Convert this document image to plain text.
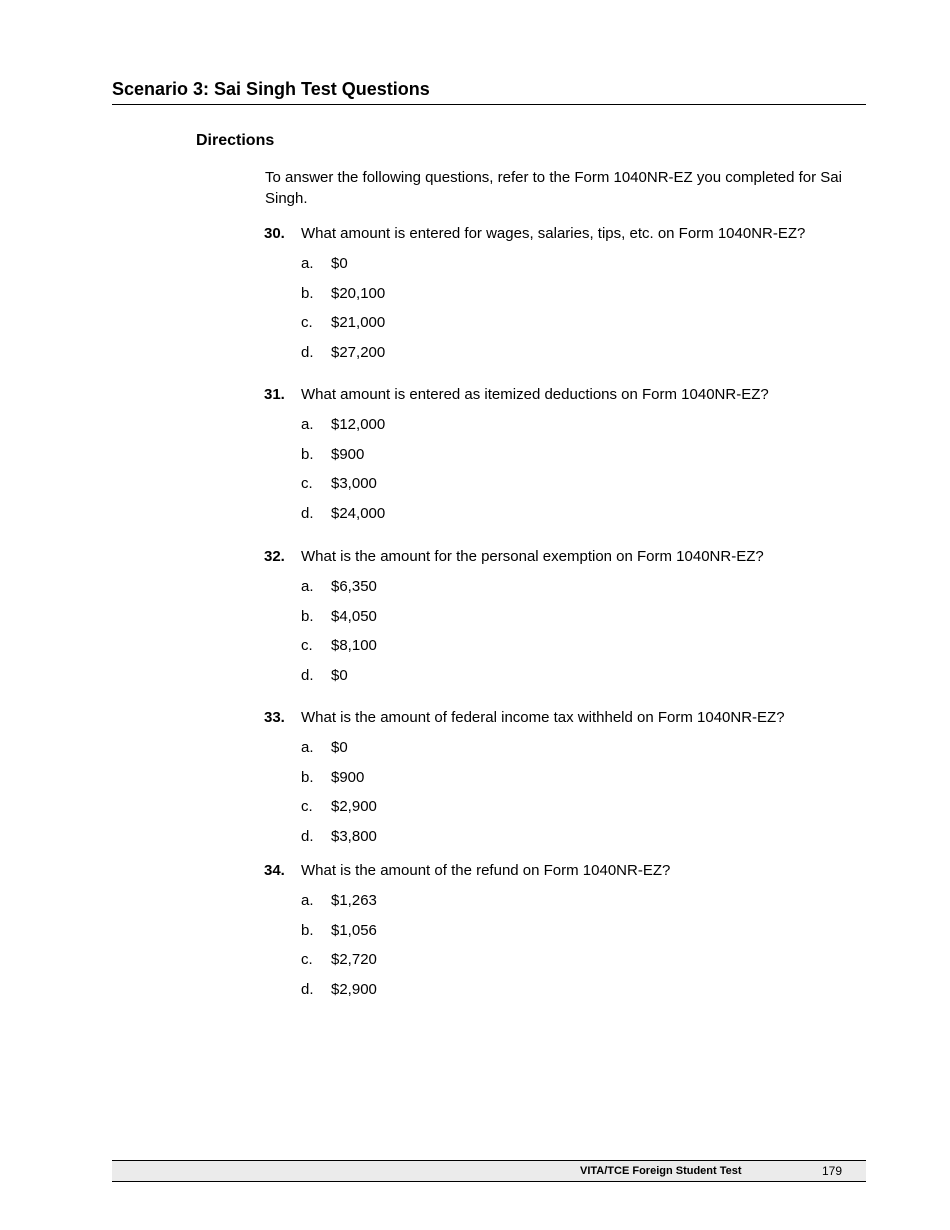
Scenario 3: Sai Singh Test Questions
Directions

To answer the following questions, refer to the Form 1040NR-EZ you completed for Sai Singh.

30. What amount is entered for wages, salaries, tips, etc. on Form 1040NR-EZ?
a. $0
b. $20,100
c. $21,000
d. $27,200
31. What amount is entered as itemized deductions on Form 1040NR-EZ?
a. $12,000
b. $900
c. $3,000
d. $24,000
32. What is the amount for the personal exemption on Form 1040NR-EZ?
a. $6,350
b. $4,050
c. $8,100
d. $0
33. What is the amount of federal income tax withheld on Form 1040NR-EZ?
a. $0
b. $900
c. $2,900
d. $3,800
34. What is the amount of the refund on Form 1040NR-EZ?
a. $1,263
b. $1,056
c. $2,720
d. $2,900
VITA/TCE Foreign Student Test	179
